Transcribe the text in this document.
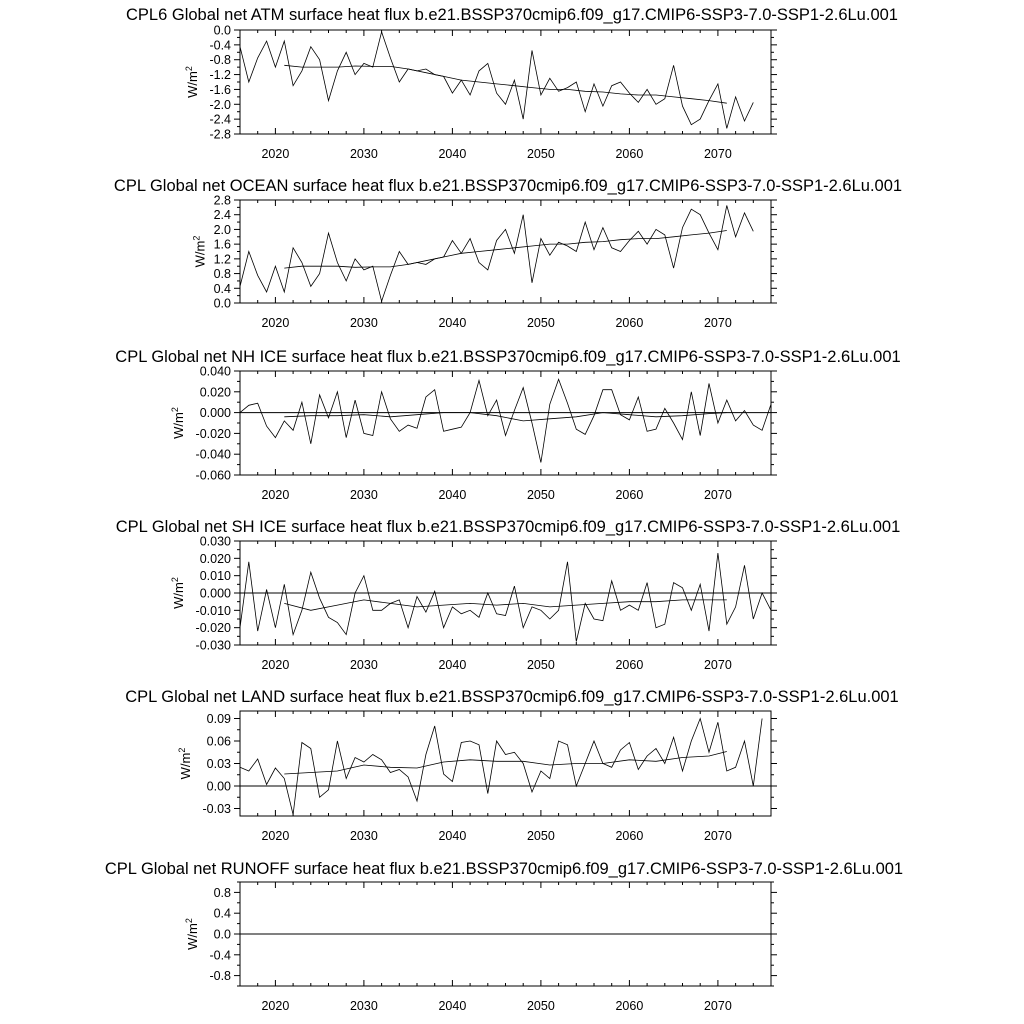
CPL6 Global net ATM surface heat flux b.e21.BSSP370cmip6.f09_g17.CMIP6-SSP3-7.0-SSP1-2.6Lu.001
2020	2030	2040	2050	2060	2070
-2.8
-2.4
-2.0
-1.6
-1.2
-0.8
-0.4
0.0
$W/m^2$
CPL Global net OCEAN surface heat flux b.e21.BSSP370cmip6.f09_g17.CMIP6-SSP3-7.0-SSP1-2.6Lu.001
2020	2030	2040	2050	2060	2070
0.0
0.4
0.8
1.2
1.6
2.0
2.4
2.8
$W/m^2$
CPL Global net NH ICE surface heat flux b.e21.BSSP370cmip6.f09_g17.CMIP6-SSP3-7.0-SSP1-2.6Lu.001
2020	2030	2040	2050	2060	2070
-0.060
-0.040
-0.020
0.000
0.020
0.040
$W/m^2$
CPL Global net SH ICE surface heat flux b.e21.BSSP370cmip6.f09_g17.CMIP6-SSP3-7.0-SSP1-2.6Lu.001
2020	2030	2040	2050	2060	2070
-0.030
-0.020
-0.010
0.000
0.010
0.020
0.030
$W/m^2$
CPL Global net LAND surface heat flux b.e21.BSSP370cmip6.f09_g17.CMIP6-SSP3-7.0-SSP1-2.6Lu.001
2020	2030	2040	2050	2060	2070
-0.03
0.00
0.03
0.06
0.09
$W/m^2$
CPL Global net RUNOFF surface heat flux b.e21.BSSP370cmip6.f09_g17.CMIP6-SSP3-7.0-SSP1-2.6Lu.001
2020	2030	2040	2050	2060	2070
-0.8
-0.4
0.0
0.4
0.8
$W/m^2$
